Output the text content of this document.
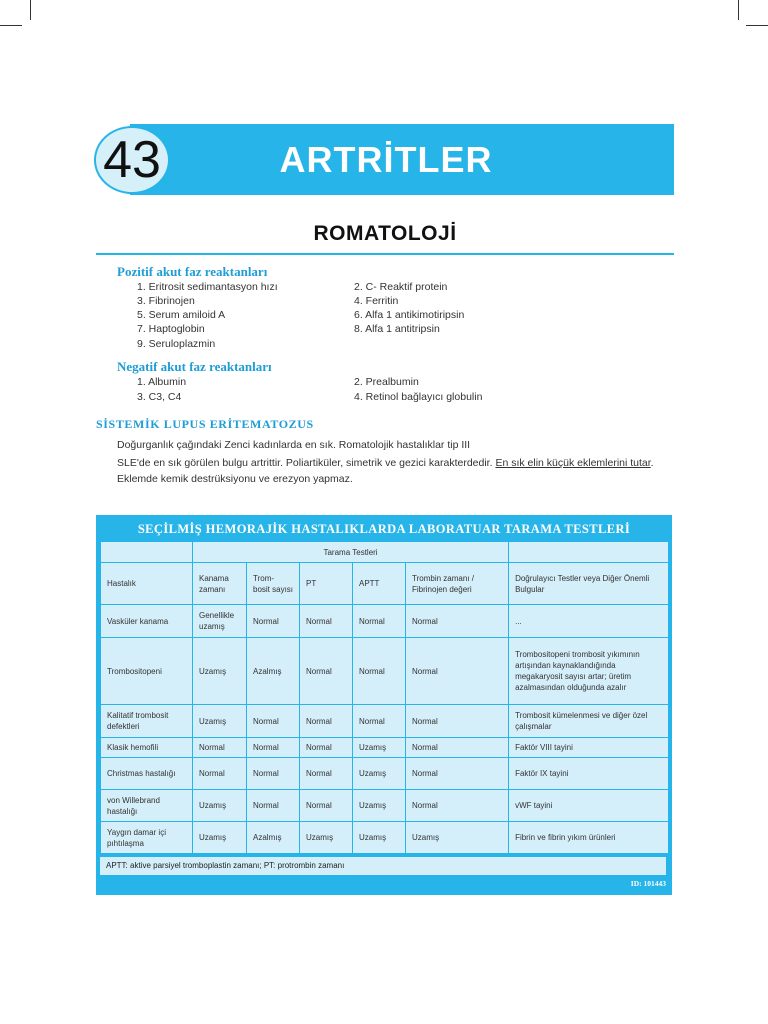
43	ARTRİTLER
ROMATOLOJİ
Pozitif akut faz reaktanları
1. Eritrosit sedimantasyon hızı
3. Fibrinojen
5. Serum amiloid A
7. Haptoglobin
9. Seruloplazmin
2. C- Reaktif protein
4. Ferritin
6. Alfa 1 antikimotiripsin
8. Alfa 1 antitripsin
Negatif akut faz reaktanları
1. Albumin
3. C3, C4
2. Prealbumin
4. Retinol bağlayıcı globulin
SİSTEMİK LUPUS ERİTEMATOZUS
Doğurganlık çağındaki Zenci kadınlarda en sık. Romatolojik hastalıklar tip III
SLE'de en sık görülen bulgu artrittir. Poliartiküler, simetrik ve gezici karakterdedir. En sık elin küçük eklemlerini tutar. Eklemde kemik destrüksiyonu ve erezyon yapmaz.
SEÇİLMİŞ HEMORAJİK HASTALIKLARDA LABORATUAR TARAMA TESTLERİ
	Tarama Testleri					
Hastalık	Kanama zamanı	Trom- bosit sayısı	PT	APTT	Trombin zamanı / Fibrinojen değeri	Doğrulayıcı Testler veya Diğer Önemli Bulgular
Vasküler kanama	Genellikle uzamış	Normal	Normal	Normal	Normal	...
Trombositopeni	Uzamış	Azalmış	Normal	Normal	Normal	Trombositopeni trombosit yıkımının artışından kaynaklandığında megakaryosit sayısı artar; üretim azalmasından olduğunda azalır
Kalitatif trombosit defektleri	Uzamış	Normal	Normal	Normal	Normal	Trombosit kümelenmesi ve diğer özel çalışmalar
Klasik hemofili	Normal	Normal	Normal	Uzamış	Normal	Faktör VIII tayini
Christmas hastalığı	Normal	Normal	Normal	Uzamış	Normal	Faktör IX tayini
von Willebrand hastalığı	Uzamış	Normal	Normal	Uzamış	Normal	vWF tayini
Yaygın damar içi pıhtılaşma	Uzamış	Azalmış	Uzamış	Uzamış	Uzamış	Fibrin ve fibrin yıkım ürünleri
APTT: aktive parsiyel tromboplastin zamanı; PT: protrombin zamanı
ID: 101443
